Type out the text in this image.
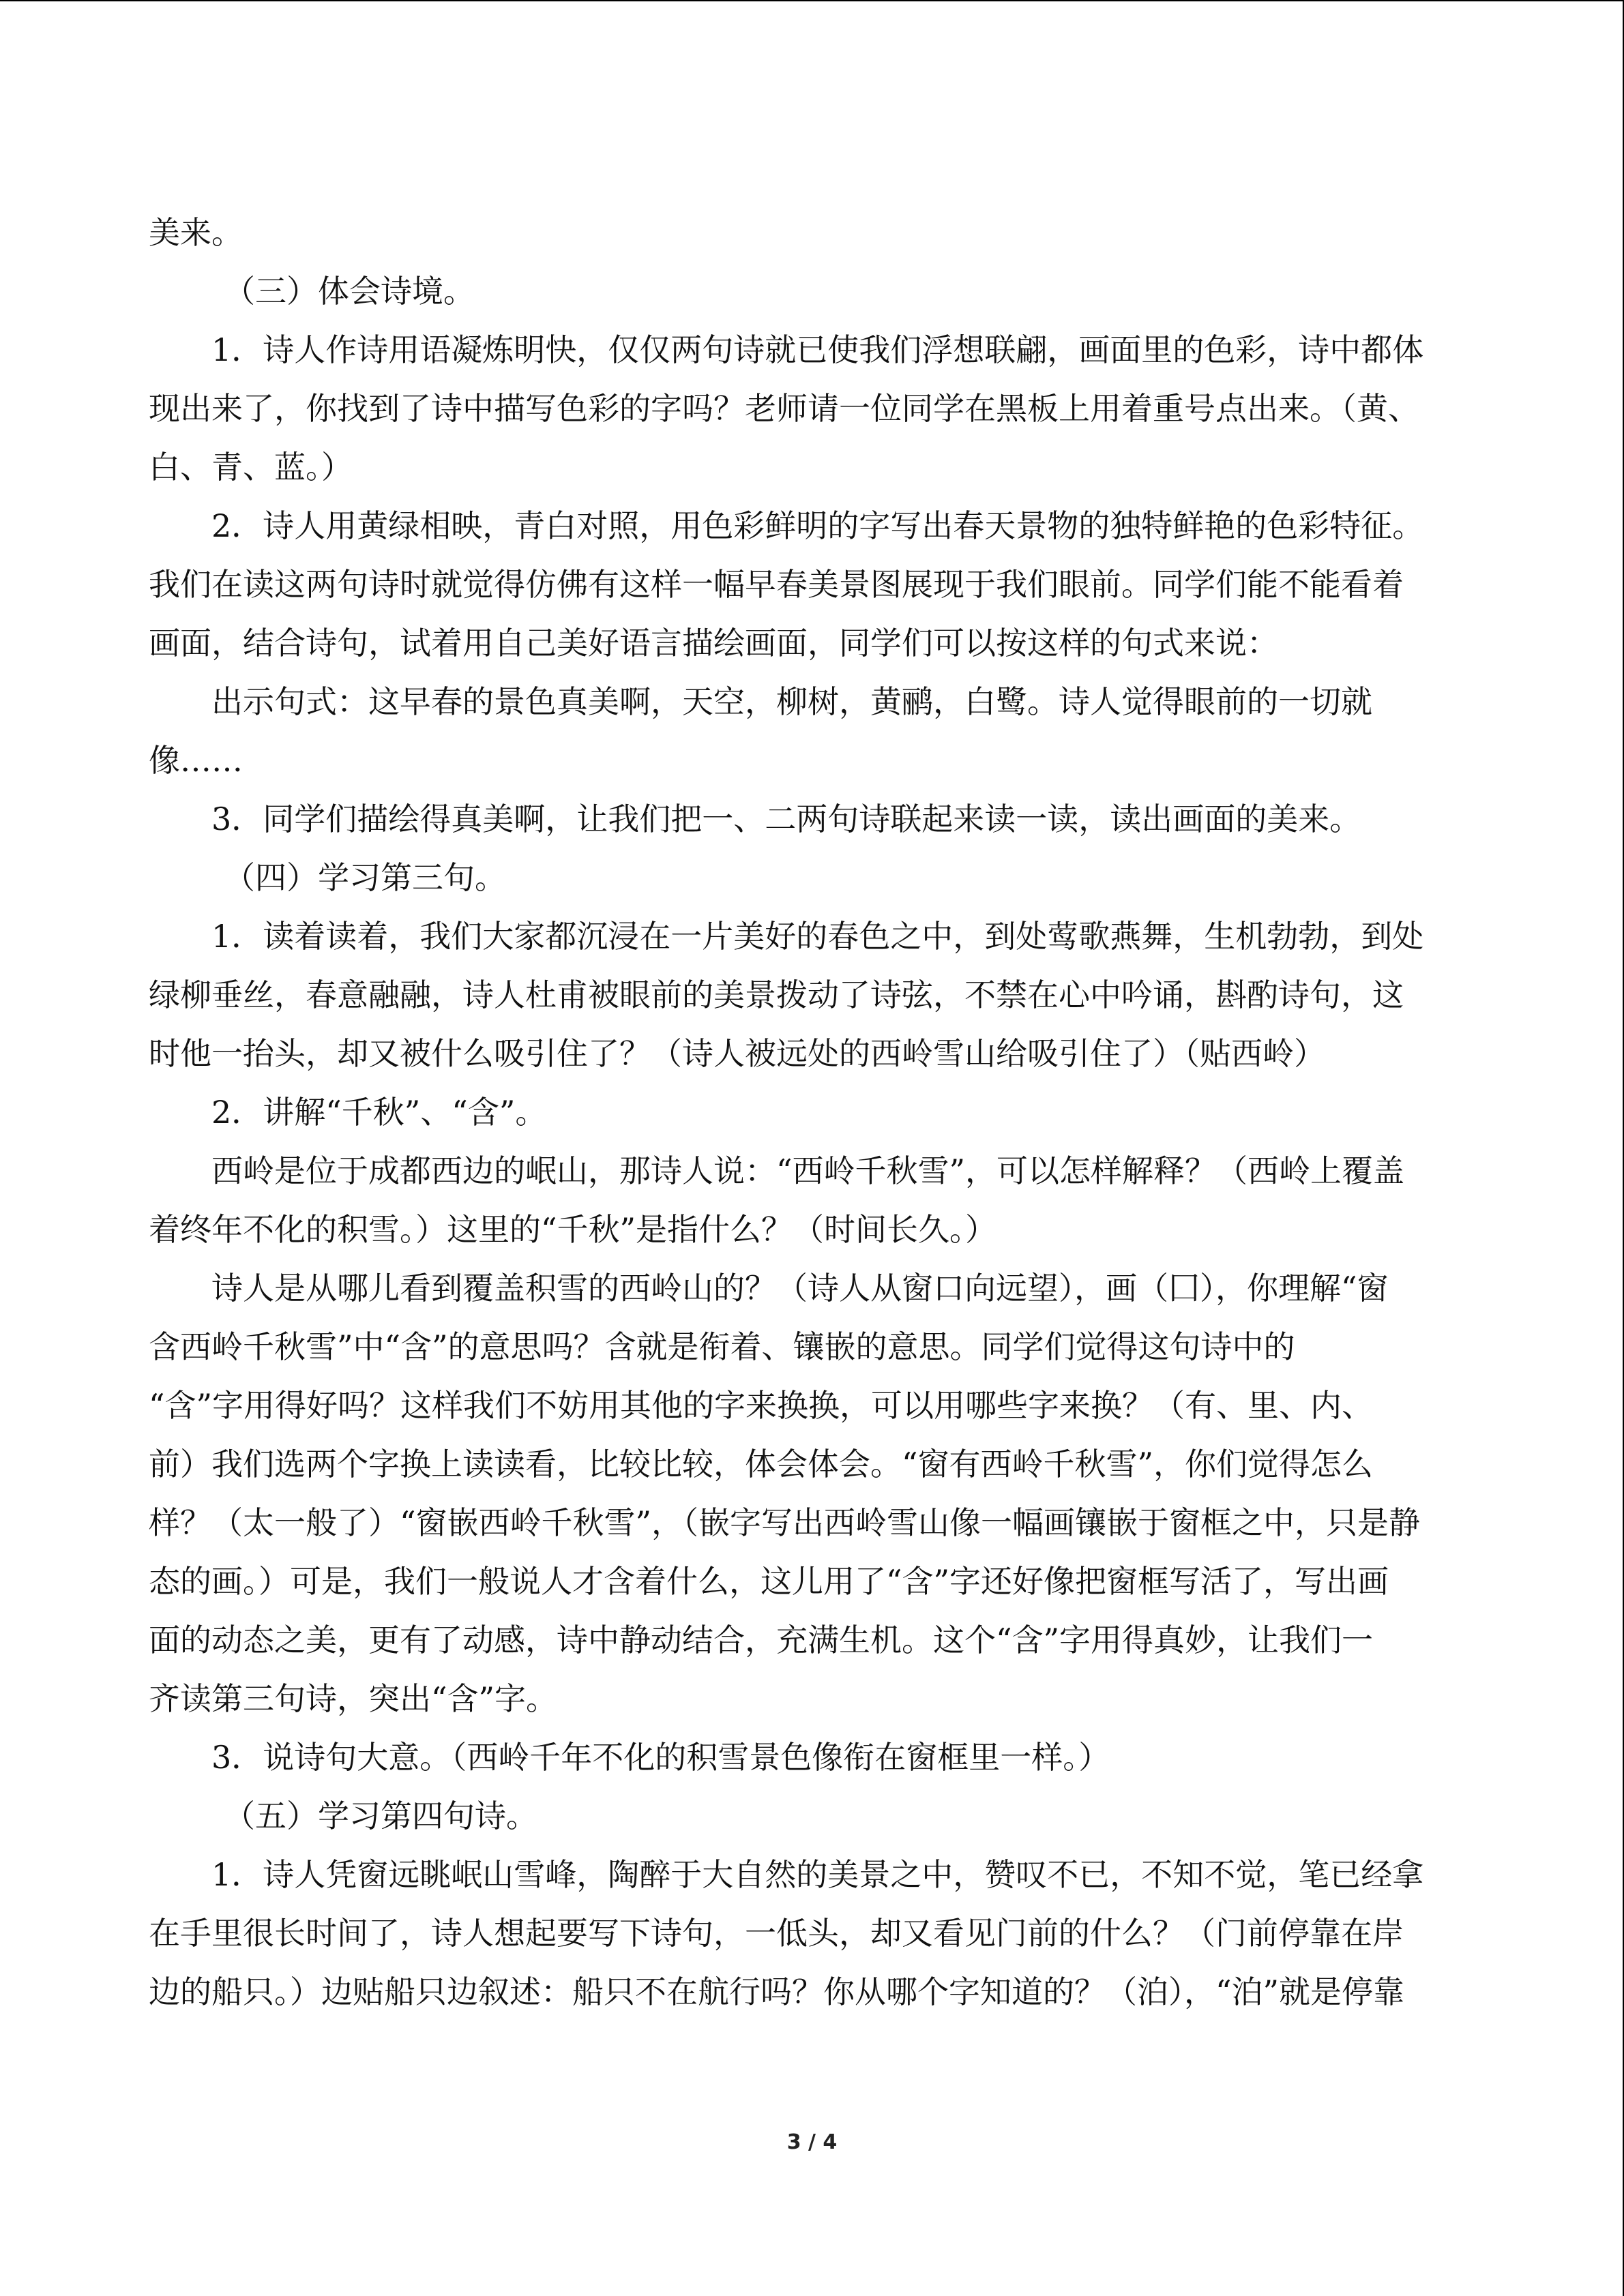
美来。
（三）体会诗境。
1．诗人作诗用语凝炼明快，仅仅两句诗就已使我们浮想联翩，画面里的色彩，诗中都体
现出来了，你找到了诗中描写色彩的字吗？老师请一位同学在黑板上用着重号点出来。（黄、
白、青、蓝。）
2．诗人用黄绿相映，青白对照，用色彩鲜明的字写出春天景物的独特鲜艳的色彩特征。
我们在读这两句诗时就觉得仿佛有这样一幅早春美景图展现于我们眼前。同学们能不能看着
画面，结合诗句，试着用自己美好语言描绘画面，同学们可以按这样的句式来说：
出示句式：这早春的景色真美啊，天空，柳树，黄鹂，白鹭。诗人觉得眼前的一切就
像……
3．同学们描绘得真美啊，让我们把一、二两句诗联起来读一读，读出画面的美来。
（四）学习第三句。
1．读着读着，我们大家都沉浸在一片美好的春色之中，到处莺歌燕舞，生机勃勃，到处
绿柳垂丝，春意融融，诗人杜甫被眼前的美景拨动了诗弦，不禁在心中吟诵，斟酌诗句，这
时他一抬头，却又被什么吸引住了？（诗人被远处的西岭雪山给吸引住了）（贴西岭）
2．讲解“千秋”、“含”。
西岭是位于成都西边的岷山，那诗人说：“西岭千秋雪”，可以怎样解释？（西岭上覆盖
着终年不化的积雪。）这里的“千秋”是指什么？（时间长久。）
诗人是从哪儿看到覆盖积雪的西岭山的？（诗人从窗口向远望），画（囗），你理解“窗
含西岭千秋雪”中“含”的意思吗？含就是衔着、镶嵌的意思。同学们觉得这句诗中的
“含”字用得好吗？这样我们不妨用其他的字来换换，可以用哪些字来换？（有、里、内、
前）我们选两个字换上读读看，比较比较，体会体会。“窗有西岭千秋雪”，你们觉得怎么
样？（太一般了）“窗嵌西岭千秋雪”，（嵌字写出西岭雪山像一幅画镶嵌于窗框之中，只是静
态的画。）可是，我们一般说人才含着什么，这儿用了“含”字还好像把窗框写活了，写出画
面的动态之美，更有了动感，诗中静动结合，充满生机。这个“含”字用得真妙，让我们一
齐读第三句诗，突出“含”字。
3．说诗句大意。（西岭千年不化的积雪景色像衔在窗框里一样。）
（五）学习第四句诗。
1．诗人凭窗远眺岷山雪峰，陶醉于大自然的美景之中，赞叹不已，不知不觉，笔已经拿
在手里很长时间了，诗人想起要写下诗句，一低头，却又看见门前的什么？（门前停靠在岸
边的船只。）边贴船只边叙述：船只不在航行吗？你从哪个字知道的？（泊），“泊”就是停靠
3 / 4
